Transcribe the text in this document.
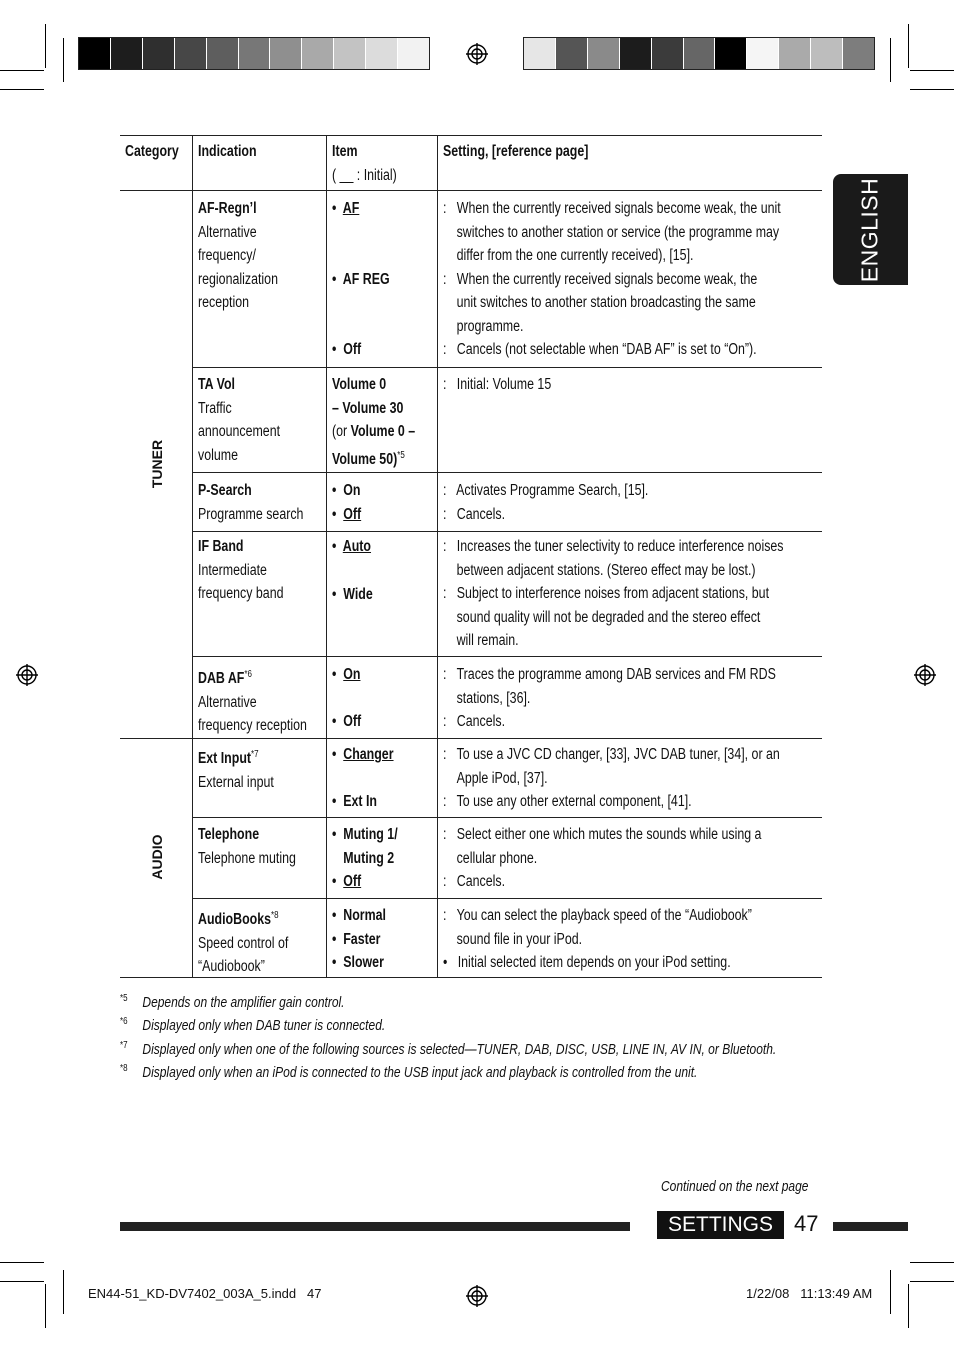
ENGLISH
Category Indication	Item
( __ : Initial)
Setting, [reference page]
TUNER
AUDIO
AF-Regn’l
Alternative
frequency/
regionalization
reception
•  AF
•  AF REG
•  Off
:   When the currently received signals become weak, the unit
switches to another station or service (the programme may
differ from the one currently received), [15].
:   When the currently received signals become weak, the
unit switches to another station broadcasting the same
programme.
:   Cancels (not selectable when “DAB AF” is set to “On”).
TA Vol
Traffic
announcement
volume
Volume 0
– Volume 30
(or Volume 0 –
Volume 50)$^{*5}$
:   Initial: Volume 15
P-Search
Programme search
•  On
•  Off
:   Activates Programme Search, [15].
:   Cancels.
IF Band
Intermediate
frequency band
•  Auto
•  Wide
:   Increases the tuner selectivity to reduce interference noises
between adjacent stations. (Stereo effect may be lost.)
:   Subject to interference noises from adjacent stations, but
sound quality will not be degraded and the stereo effect
will remain.
DAB AF$^{*6}$
Alternative
frequency reception
•  On
•  Off
:   Traces the programme among DAB services and FM RDS
stations, [36].
:   Cancels.
Ext Input$^{*7}$
External input
•  Changer
•  Ext In
:   To use a JVC CD changer, [33], JVC DAB tuner, [34], or an
Apple iPod, [37].
:   To use any other external component, [41].
Telephone
Telephone muting
•  Muting 1/
Muting 2
•  Off
:   Select either one which mutes the sounds while using a
cellular phone.
:   Cancels.
AudioBooks$^{*8}$
Speed control of
“Audiobook”
•  Normal
•  Faster
•  Slower
:   You can select the playback speed of the “Audiobook”
sound file in your iPod.
•   Initial selected item depends on your iPod setting.
$^{*5}$ Depends on the amplifier gain control.
$^{*6}$ Displayed only when DAB tuner is connected.
$^{*7}$ Displayed only when one of the following sources is selected—TUNER, DAB, DISC, USB, LINE IN, AV IN, or Bluetooth.
$^{*8}$ Displayed only when an iPod is connected to the USB input jack and playback is controlled from the unit.
Continued on the next page
SETTINGS 47
EN44-51_KD-DV7402_003A_5.indd   47	1/22/08   11:13:49 AM
